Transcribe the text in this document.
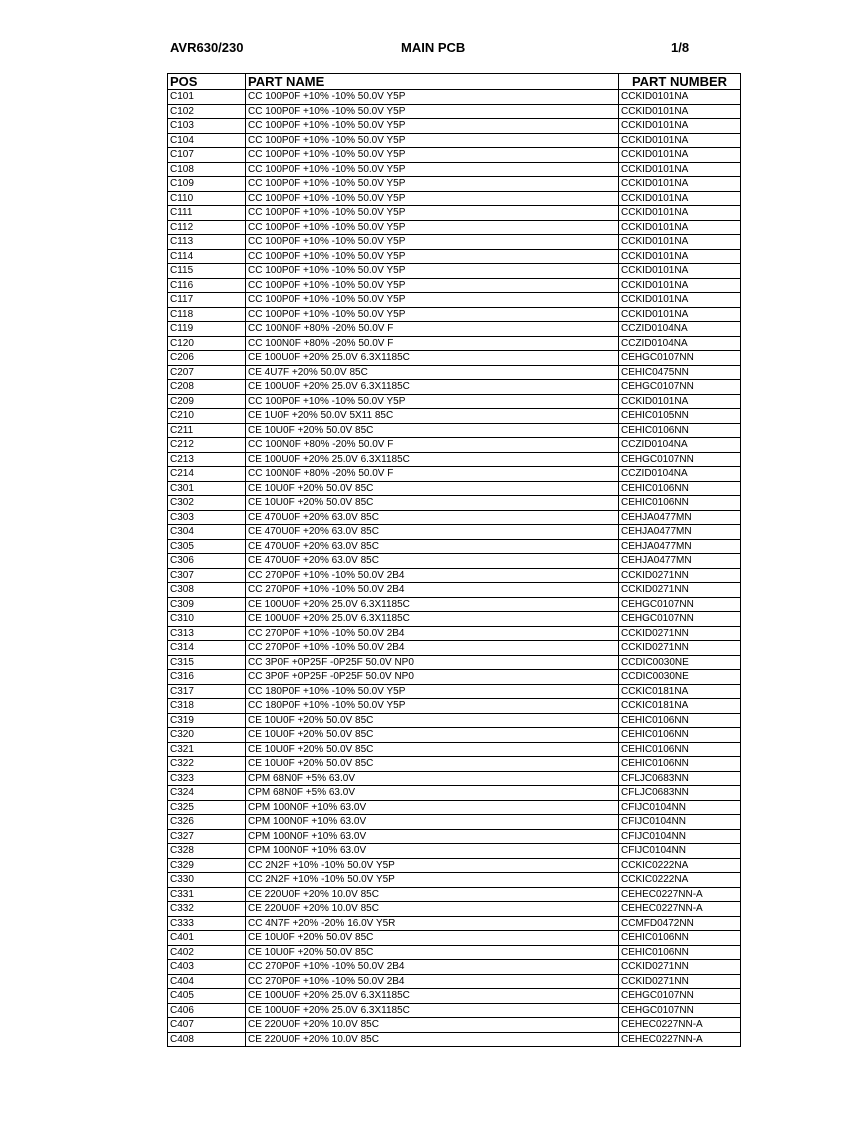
AVR630/230	MAIN PCB	1/8
POS	PART NAME	PART NUMBER
C101	CC 100P0F +10% -10% 50.0V Y5P	CCKID0101NA
C102	CC 100P0F +10% -10% 50.0V Y5P	CCKID0101NA
C103	CC 100P0F +10% -10% 50.0V Y5P	CCKID0101NA
C104	CC 100P0F +10% -10% 50.0V Y5P	CCKID0101NA
C107	CC 100P0F +10% -10% 50.0V Y5P	CCKID0101NA
C108	CC 100P0F +10% -10% 50.0V Y5P	CCKID0101NA
C109	CC 100P0F +10% -10% 50.0V Y5P	CCKID0101NA
C110	CC 100P0F +10% -10% 50.0V Y5P	CCKID0101NA
C111	CC 100P0F +10% -10% 50.0V Y5P	CCKID0101NA
C112	CC 100P0F +10% -10% 50.0V Y5P	CCKID0101NA
C113	CC 100P0F +10% -10% 50.0V Y5P	CCKID0101NA
C114	CC 100P0F +10% -10% 50.0V Y5P	CCKID0101NA
C115	CC 100P0F +10% -10% 50.0V Y5P	CCKID0101NA
C116	CC 100P0F +10% -10% 50.0V Y5P	CCKID0101NA
C117	CC 100P0F +10% -10% 50.0V Y5P	CCKID0101NA
C118	CC 100P0F +10% -10% 50.0V Y5P	CCKID0101NA
C119	CC 100N0F +80% -20% 50.0V F	CCZID0104NA
C120	CC 100N0F +80% -20% 50.0V F	CCZID0104NA
C206	CE 100U0F +20% 25.0V 6.3X1185C	CEHGC0107NN
C207	CE 4U7F +20% 50.0V 85C	CEHIC0475NN
C208	CE 100U0F +20% 25.0V 6.3X1185C	CEHGC0107NN
C209	CC 100P0F +10% -10% 50.0V Y5P	CCKID0101NA
C210	CE 1U0F +20% 50.0V 5X11 85C	CEHIC0105NN
C211	CE 10U0F +20% 50.0V 85C	CEHIC0106NN
C212	CC 100N0F +80% -20% 50.0V F	CCZID0104NA
C213	CE 100U0F +20% 25.0V 6.3X1185C	CEHGC0107NN
C214	CC 100N0F +80% -20% 50.0V F	CCZID0104NA
C301	CE 10U0F +20% 50.0V 85C	CEHIC0106NN
C302	CE 10U0F +20% 50.0V 85C	CEHIC0106NN
C303	CE 470U0F +20% 63.0V 85C	CEHJA0477MN
C304	CE 470U0F +20% 63.0V 85C	CEHJA0477MN
C305	CE 470U0F +20% 63.0V 85C	CEHJA0477MN
C306	CE 470U0F +20% 63.0V 85C	CEHJA0477MN
C307	CC 270P0F +10% -10% 50.0V 2B4	CCKID0271NN
C308	CC 270P0F +10% -10% 50.0V 2B4	CCKID0271NN
C309	CE 100U0F +20% 25.0V 6.3X1185C	CEHGC0107NN
C310	CE 100U0F +20% 25.0V 6.3X1185C	CEHGC0107NN
C313	CC 270P0F +10% -10% 50.0V 2B4	CCKID0271NN
C314	CC 270P0F +10% -10% 50.0V 2B4	CCKID0271NN
C315	CC 3P0F +0P25F -0P25F 50.0V NP0	CCDIC0030NE
C316	CC 3P0F +0P25F -0P25F 50.0V NP0	CCDIC0030NE
C317	CC 180P0F +10% -10% 50.0V Y5P	CCKIC0181NA
C318	CC 180P0F +10% -10% 50.0V Y5P	CCKIC0181NA
C319	CE 10U0F +20% 50.0V 85C	CEHIC0106NN
C320	CE 10U0F +20% 50.0V 85C	CEHIC0106NN
C321	CE 10U0F +20% 50.0V 85C	CEHIC0106NN
C322	CE 10U0F +20% 50.0V 85C	CEHIC0106NN
C323	CPM 68N0F +5% 63.0V	CFLJC0683NN
C324	CPM 68N0F +5% 63.0V	CFLJC0683NN
C325	CPM 100N0F +10% 63.0V	CFIJC0104NN
C326	CPM 100N0F +10% 63.0V	CFIJC0104NN
C327	CPM 100N0F +10% 63.0V	CFIJC0104NN
C328	CPM 100N0F +10% 63.0V	CFIJC0104NN
C329	CC 2N2F +10% -10% 50.0V Y5P	CCKIC0222NA
C330	CC 2N2F +10% -10% 50.0V Y5P	CCKIC0222NA
C331	CE 220U0F +20% 10.0V 85C	CEHEC0227NN-A
C332	CE 220U0F +20% 10.0V 85C	CEHEC0227NN-A
C333	CC 4N7F +20% -20% 16.0V Y5R	CCMFD0472NN
C401	CE 10U0F +20% 50.0V 85C	CEHIC0106NN
C402	CE 10U0F +20% 50.0V 85C	CEHIC0106NN
C403	CC 270P0F +10% -10% 50.0V 2B4	CCKID0271NN
C404	CC 270P0F +10% -10% 50.0V 2B4	CCKID0271NN
C405	CE 100U0F +20% 25.0V 6.3X1185C	CEHGC0107NN
C406	CE 100U0F +20% 25.0V 6.3X1185C	CEHGC0107NN
C407	CE 220U0F +20% 10.0V 85C	CEHEC0227NN-A
C408	CE 220U0F +20% 10.0V 85C	CEHEC0227NN-A
